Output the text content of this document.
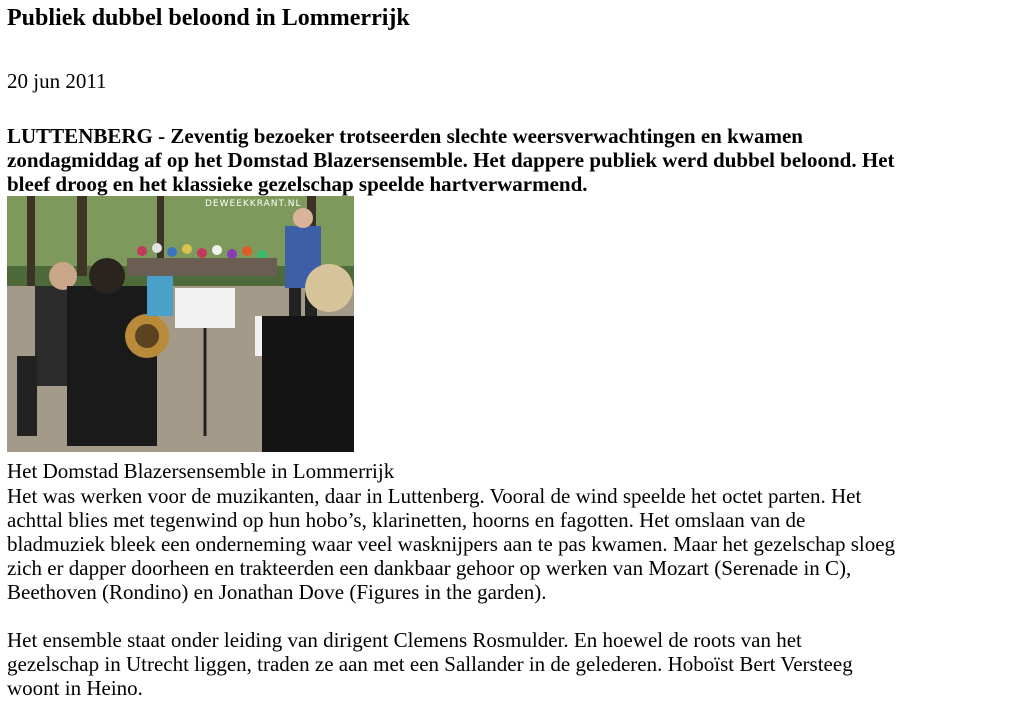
Publiek dubbel beloond in Lommerrijk
20 jun 2011

LUTTENBERG - Zeventig bezoeker trotseerden slechte weersverwachtingen en kwamen

zondagmiddag af op het Domstad Blazersensemble. Het dappere publiek werd dubbel beloond. Het

bleef droog en het klassieke gezelschap speelde hartverwarmend.

DEWEEKKRANT.NL
Het Domstad Blazersensemble in Lommerrijk

Het was werken voor de muzikanten, daar in Luttenberg. Vooral de wind speelde het octet parten. Het

achttal blies met tegenwind op hun hobo’s, klarinetten, hoorns en fagotten. Het omslaan van de

bladmuziek bleek een onderneming waar veel wasknijpers aan te pas kwamen. Maar het gezelschap sloeg

zich er dapper doorheen en trakteerden een dankbaar gehoor op werken van Mozart (Serenade in C),

Beethoven (Rondino) en Jonathan Dove (Figures in the garden).

Het ensemble staat onder leiding van dirigent Clemens Rosmulder. En hoewel de roots van het

gezelschap in Utrecht liggen, traden ze aan met een Sallander in de gelederen. Hoboïst Bert Versteeg

woont in Heino.
